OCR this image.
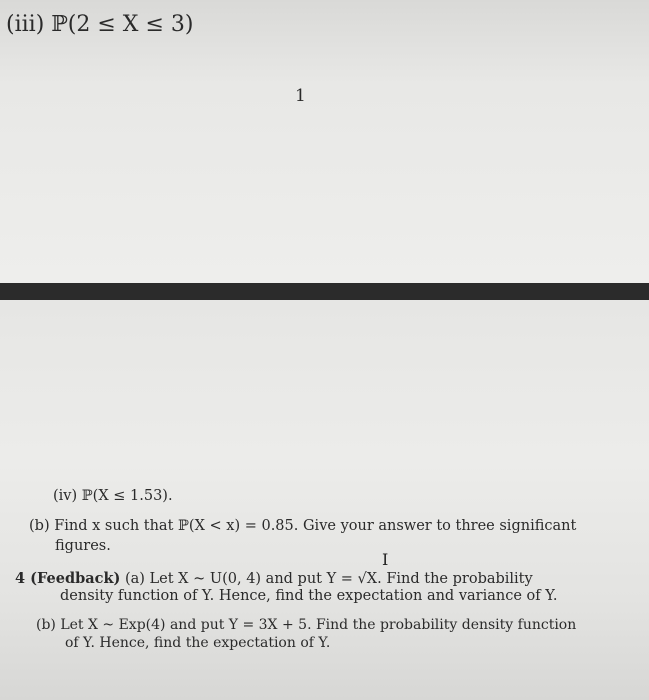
(iii) ℙ(2 ≤ X ≤ 3)
1
(iv) ℙ(X ≤ 1.53).
(b) Find x such that ℙ(X < x) = 0.85. Give your answer to three significant
figures.
I
4 (Feedback) (a) Let X ~ U(0, 4) and put Y = √X. Find the probability
density function of Y. Hence, find the expectation and variance of Y.
(b) Let X ~ Exp(4) and put Y = 3X + 5. Find the probability density function
of Y. Hence, find the expectation of Y.
